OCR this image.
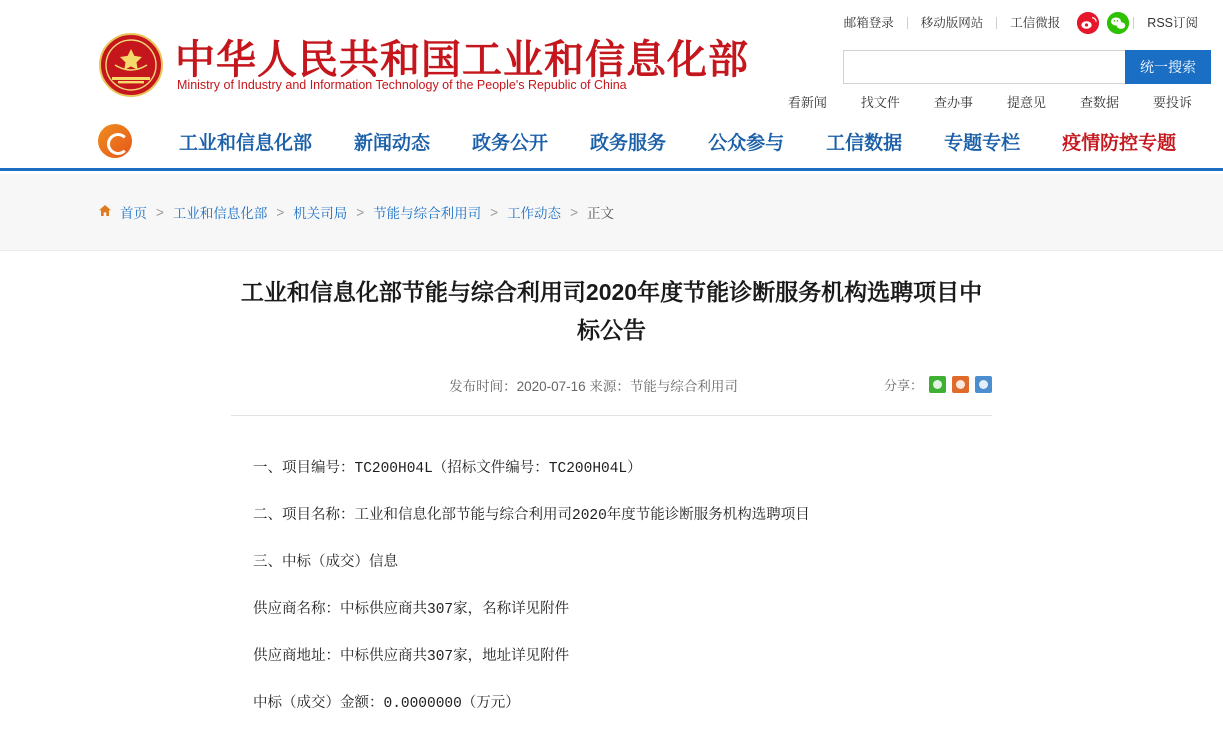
邮箱登录	移动版网站	工信微报	RSS订阅
中华人民共和国工业和信息化部
Ministry of Industry and Information Technology of the People's Republic of China
统一搜索
看新闻	找文件	查办事	提意见	查数据	要投诉
工业和信息化部	新闻动态	政务公开	政务服务	公众参与	工信数据	专题专栏	疫情防控专题
首页 > 工业和信息化部 > 机关司局 > 节能与综合利用司 > 工作动态 > 正文
工业和信息化部节能与综合利用司2020年度节能诊断服务机构选聘项目中标公告
发布时间：2020-07-16 来源：节能与综合利用司	分享：

一、项目编号：TC200H04L（招标文件编号：TC200H04L）

二、项目名称：工业和信息化部节能与综合利用司2020年度节能诊断服务机构选聘项目

三、中标（成交）信息

供应商名称：中标供应商共307家，名称详见附件

供应商地址：中标供应商共307家，地址详见附件

中标（成交）金额：0.0000000（万元）
